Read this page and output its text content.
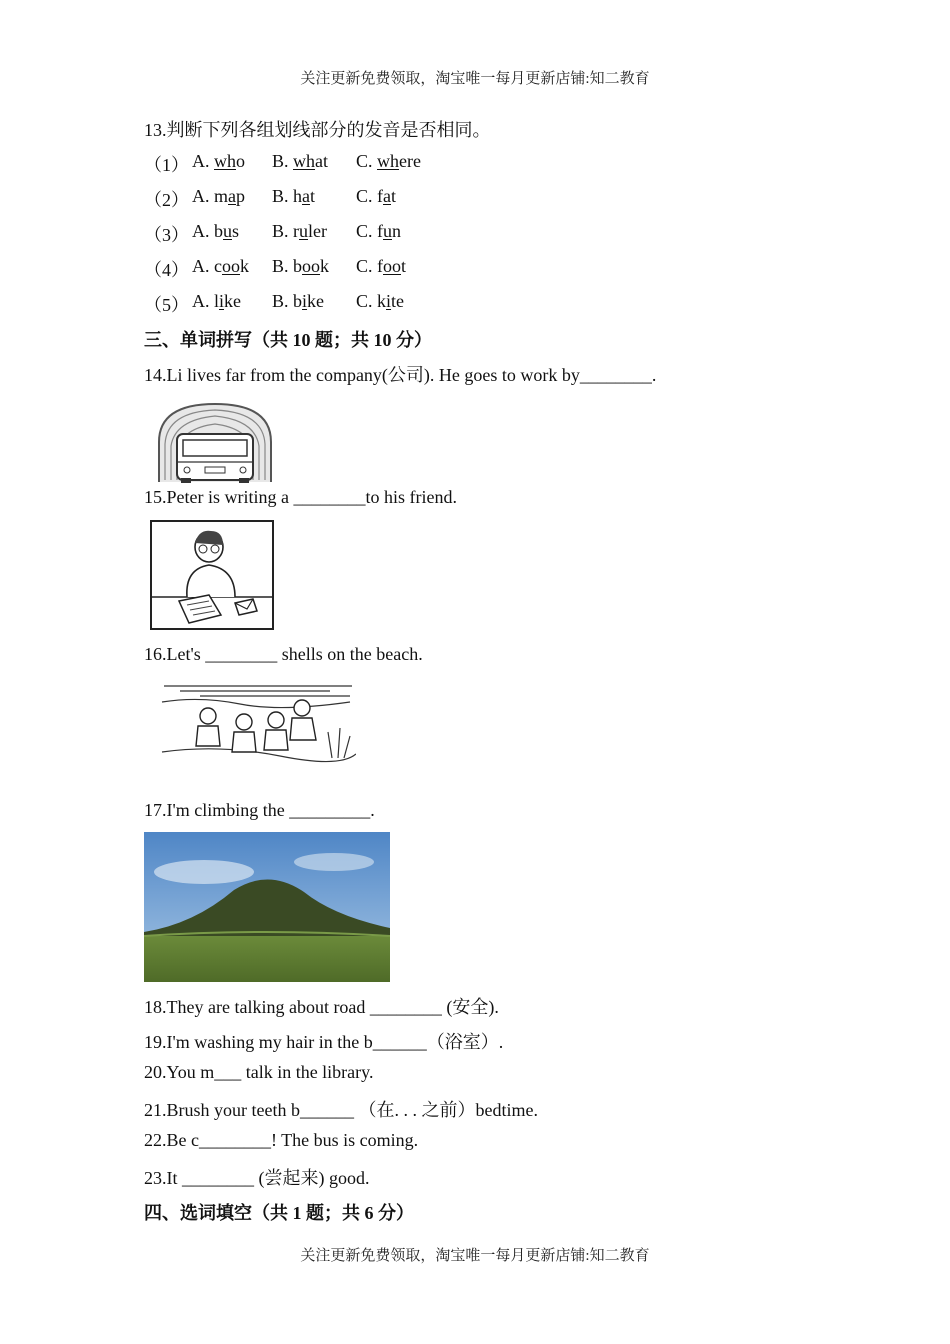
关注更新免费领取，淘宝唯一每月更新店铺:知二教育
13.判断下列各组划线部分的发音是否相同。
（1） A. who B. what C. where
（2） A. map B. hat C. fat
（3） A. bus B. ruler C. fun
（4） A. cook B. book C. foot
（5） A. like B. bike C. kite
三、单词拼写（共 10 题；共 10 分）
14.Li lives far from the company(公司). He goes to work by________.
15.Peter is writing a ________to his friend.
16.Let's ________ shells on the beach.
17.I'm climbing the _________.
18.They are talking about road ________ (安全).
19.I'm washing my hair in the b______（浴室）.
20.You m___ talk in the library.
21.Brush your teeth b______ （在. . . 之前）bedtime.
22.Be c________! The bus is coming.
23.It ________ (尝起来) good.
四、选词填空（共 1 题；共 6 分）
关注更新免费领取，淘宝唯一每月更新店铺:知二教育
